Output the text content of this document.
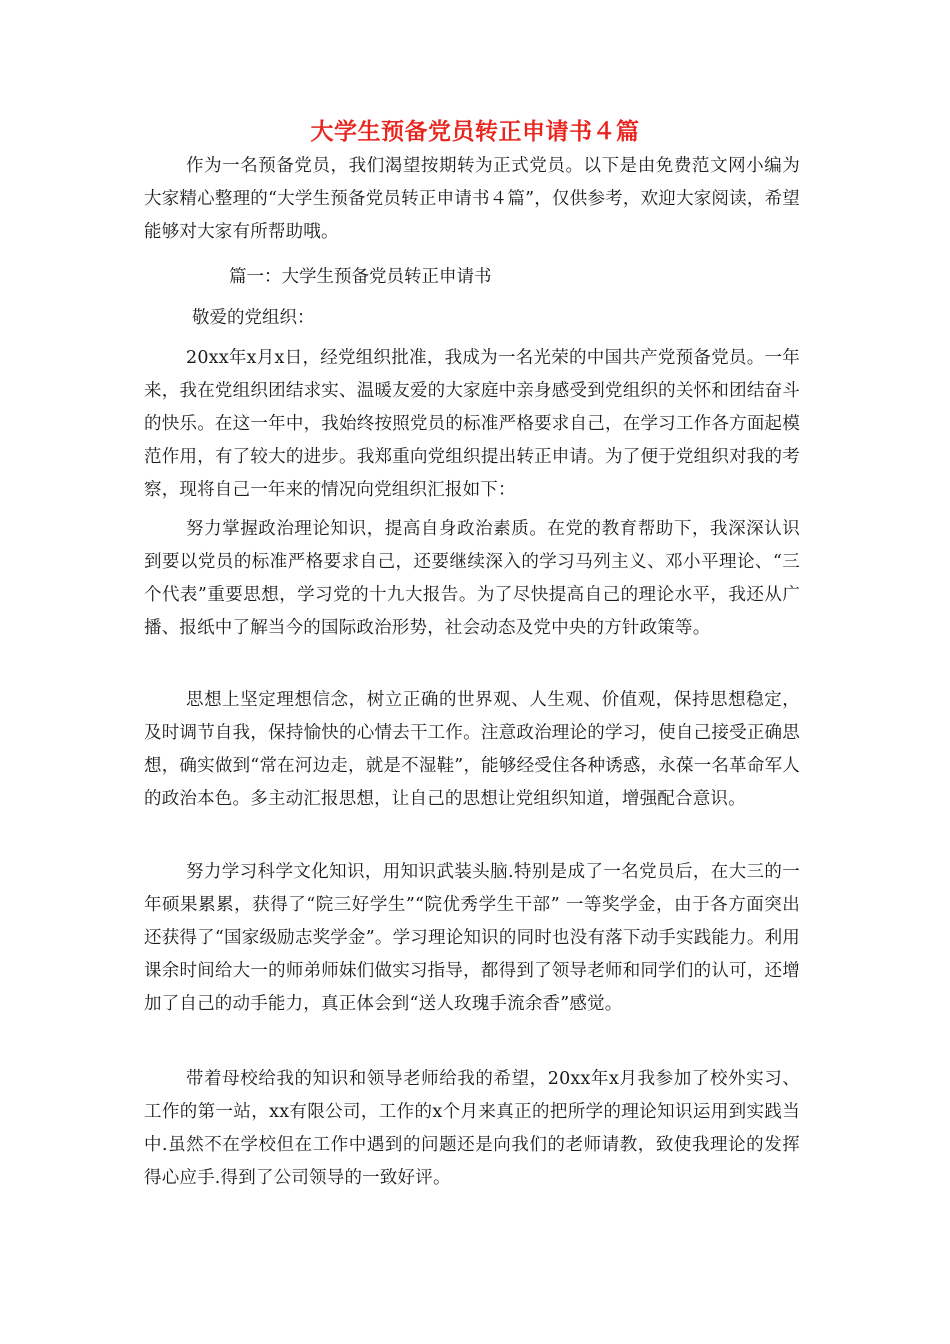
大学生预备党员转正申请书４篇

作为一名预备党员，我们渴望按期转为正式党员。以下是由免费范文网小编为大家精心整理的“大学生预备党员转正申请书４篇”，仅供参考，欢迎大家阅读，希望能够对大家有所帮助哦。

篇一：大学生预备党员转正申请书

敬爱的党组织：

20xx年x月x日，经党组织批准，我成为一名光荣的中国共产党预备党员。一年来，我在党组织团结求实、温暖友爱的大家庭中亲身感受到党组织的关怀和团结奋斗的快乐。在这一年中，我始终按照党员的标准严格要求自己，在学习工作各方面起模范作用，有了较大的进步。我郑重向党组织提出转正申请。为了便于党组织对我的考察，现将自己一年来的情况向党组织汇报如下：

努力掌握政治理论知识，提高自身政治素质。在党的教育帮助下，我深深认识到要以党员的标准严格要求自己，还要继续深入的学习马列主义、邓小平理论、“三个代表”重要思想，学习党的十九大报告。为了尽快提高自己的理论水平，我还从广播、报纸中了解当今的国际政治形势，社会动态及党中央的方针政策等。

思想上坚定理想信念，树立正确的世界观、人生观、价值观，保持思想稳定，及时调节自我，保持愉快的心情去干工作。注意政治理论的学习，使自己接受正确思想，确实做到“常在河边走，就是不湿鞋”，能够经受住各种诱惑，永葆一名革命军人的政治本色。多主动汇报思想，让自己的思想让党组织知道，增强配合意识。

努力学习科学文化知识，用知识武装头脑.特别是成了一名党员后，在大三的一年硕果累累，获得了“院三好学生”“院优秀学生干部” 一等奖学金，由于各方面突出还获得了“国家级励志奖学金”。学习理论知识的同时也没有落下动手实践能力。利用课余时间给大一的师弟师妹们做实习指导，都得到了领导老师和同学们的认可，还增加了自己的动手能力，真正体会到“送人玫瑰手流余香”感觉。

带着母校给我的知识和领导老师给我的希望，20xx年x月我参加了校外实习、工作的第一站，xx有限公司，工作的x个月来真正的把所学的理论知识运用到实践当中.虽然不在学校但在工作中遇到的问题还是向我们的老师请教，致使我理论的发挥得心应手.得到了公司领导的一致好评。
